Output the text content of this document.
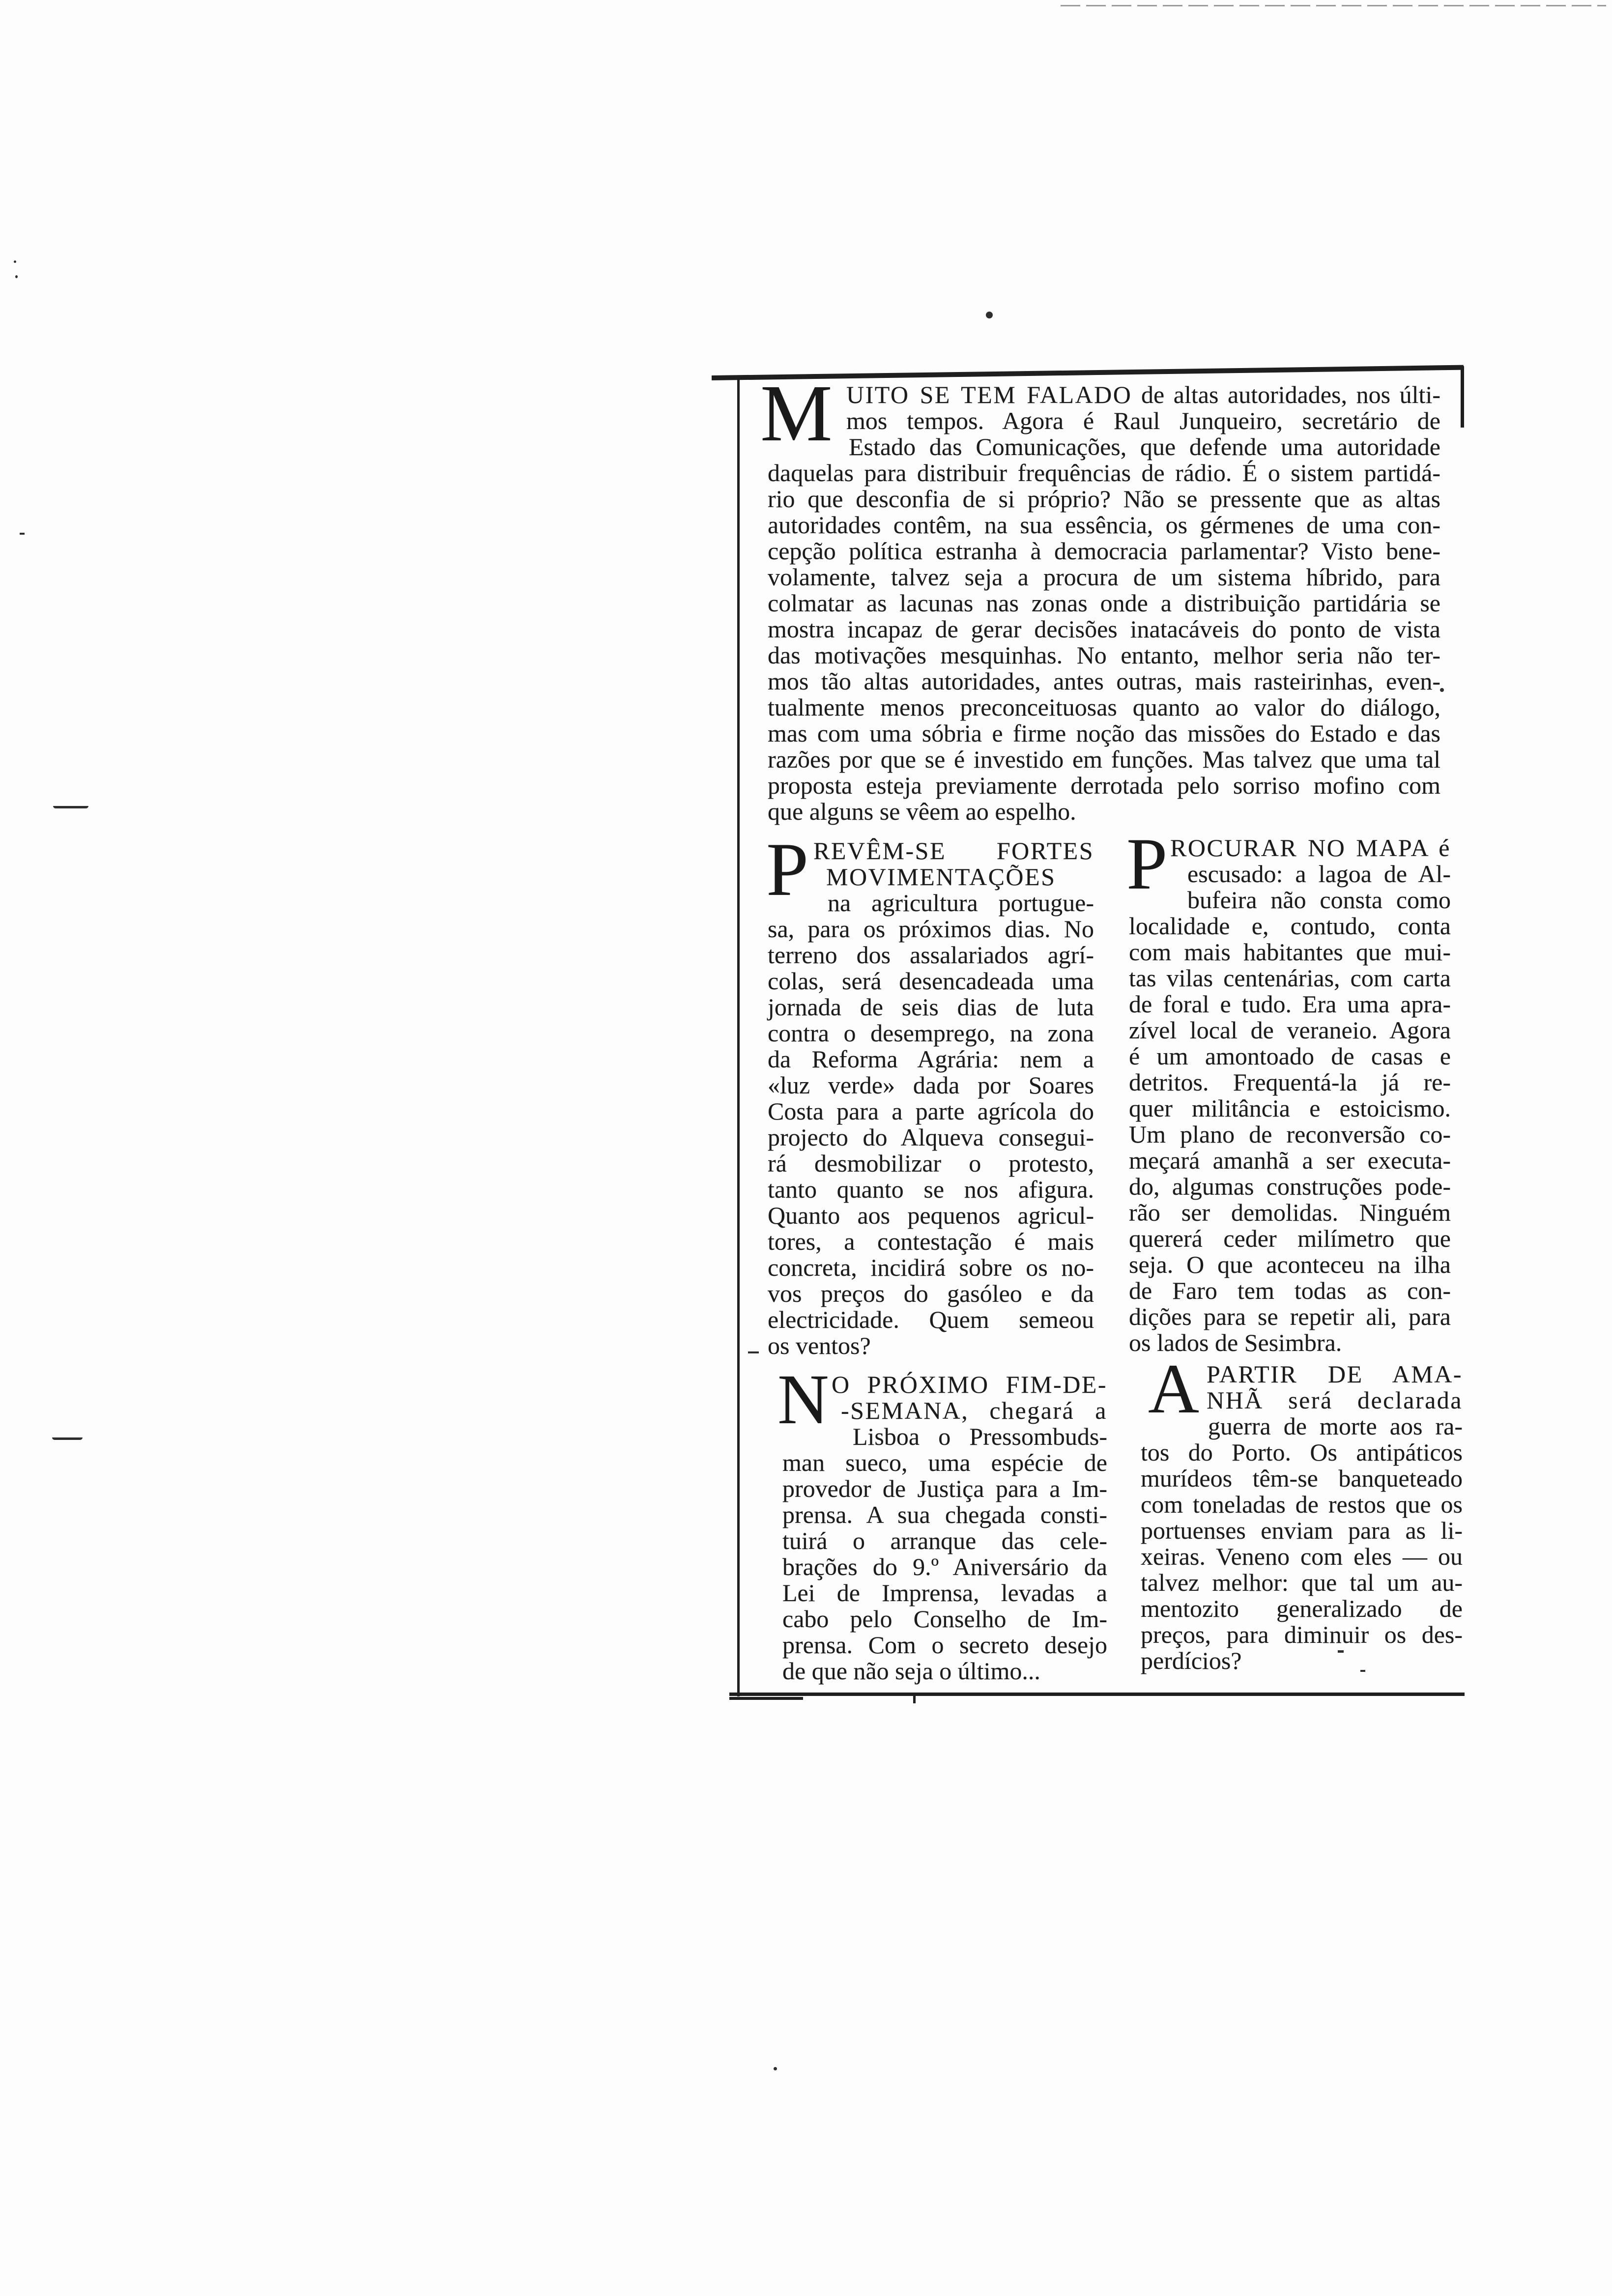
M UITO SE TEM FALADO de altas autoridades, nos últi-
mos tempos. Agora é Raul Junqueiro, secretário de
Estado das Comunicações, que defende uma autoridade
daquelas para distribuir frequências de rádio. É o sistem partidá-
rio que desconfia de si próprio? Não se pressente que as altas
autoridades contêm, na sua essência, os gérmenes de uma con-
cepção política estranha à democracia parlamentar? Visto bene-
volamente, talvez seja a procura de um sistema híbrido, para
colmatar as lacunas nas zonas onde a distribuição partidária se
mostra incapaz de gerar decisões inatacáveis do ponto de vista
das motivações mesquinhas. No entanto, melhor seria não ter-
mos tão altas autoridades, antes outras, mais rasteirinhas, even-
tualmente menos preconceituosas quanto ao valor do diálogo,
mas com uma sóbria e firme noção das missões do Estado e das
razões por que se é investido em funções. Mas talvez que uma tal
proposta esteja previamente derrotada pelo sorriso mofino com
que alguns se vêem ao espelho.
P REVÊM-SE FORTES
MOVIMENTAÇÕES
na agricultura portugue-
sa, para os próximos dias. No
terreno dos assalariados agrí-
colas, será desencadeada uma
jornada de seis dias de luta
contra o desemprego, na zona
da Reforma Agrária: nem a
«luz verde» dada por Soares
Costa para a parte agrícola do
projecto do Alqueva consegui-
rá desmobilizar o protesto,
tanto quanto se nos afigura.
Quanto aos pequenos agricul-
tores, a contestação é mais
concreta, incidirá sobre os no-
vos preços do gasóleo e da
electricidade. Quem semeou
os ventos?
P ROCURAR NO MAPA é
escusado: a lagoa de Al-
bufeira não consta como
localidade e, contudo, conta
com mais habitantes que mui-
tas vilas centenárias, com carta
de foral e tudo. Era uma apra-
zível local de veraneio. Agora
é um amontoado de casas e
detritos. Frequentá-la já re-
quer militância e estoicismo.
Um plano de reconversão co-
meçará amanhã a ser executa-
do, algumas construções pode-
rão ser demolidas. Ninguém
quererá ceder milímetro que
seja. O que aconteceu na ilha
de Faro tem todas as con-
dições para se repetir ali, para
os lados de Sesimbra.
N O PRÓXIMO FIM-DE-
-SEMANA, chegará a
Lisboa o Pressombuds-
man sueco, uma espécie de
provedor de Justiça para a Im-
prensa. A sua chegada consti-
tuirá o arranque das cele-
brações do 9.º Aniversário da
Lei de Imprensa, levadas a
cabo pelo Conselho de Im-
prensa. Com o secreto desejo
de que não seja o último...
A PARTIR DE AMA-
NHÃ será declarada
guerra de morte aos ra-
tos do Porto. Os antipáticos
murídeos têm-se banqueteado
com toneladas de restos que os
portuenses enviam para as li-
xeiras. Veneno com eles — ou
talvez melhor: que tal um au-
mentozito generalizado de
preços, para diminuir os des-
perdícios?
